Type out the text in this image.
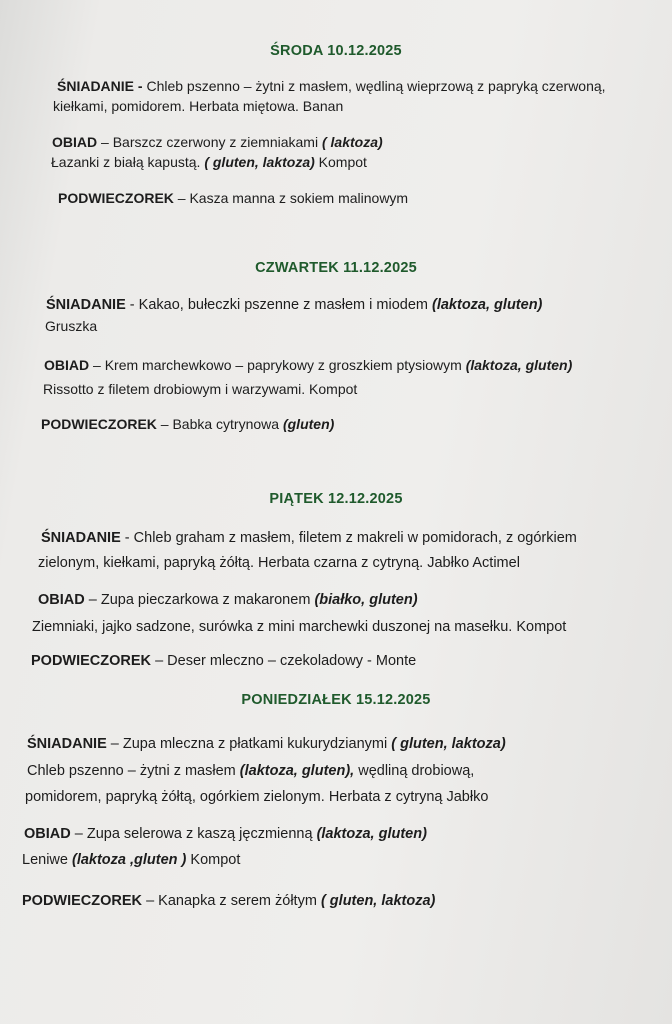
ŚRODA 10.12.2025
ŚNIADANIE - Chleb pszenno – żytni z masłem, wędliną wieprzową z papryką czerwoną,
kiełkami, pomidorem. Herbata miętowa. Banan
OBIAD – Barszcz czerwony z ziemniakami ( laktoza)
Łazanki z białą kapustą. ( gluten, laktoza) Kompot
PODWIECZOREK – Kasza manna z sokiem malinowym
CZWARTEK 11.12.2025
ŚNIADANIE - Kakao, bułeczki pszenne z masłem i miodem (laktoza, gluten)
Gruszka
OBIAD – Krem marchewkowo – paprykowy z groszkiem ptysiowym (laktoza, gluten)
Rissotto z filetem drobiowym i warzywami. Kompot
PODWIECZOREK – Babka cytrynowa (gluten)
PIĄTEK 12.12.2025
ŚNIADANIE - Chleb graham z masłem, filetem z makreli w pomidorach, z ogórkiem
zielonym, kiełkami, papryką żółtą. Herbata czarna z cytryną. Jabłko Actimel
OBIAD – Zupa pieczarkowa z makaronem (białko, gluten)
Ziemniaki, jajko sadzone, surówka z mini marchewki duszonej na masełku. Kompot
PODWIECZOREK – Deser mleczno – czekoladowy - Monte
PONIEDZIAŁEK 15.12.2025
ŚNIADANIE – Zupa mleczna z płatkami kukurydzianymi ( gluten, laktoza)
Chleb pszenno – żytni z masłem (laktoza, gluten), wędliną drobiową,
pomidorem, papryką żółtą, ogórkiem zielonym. Herbata z cytryną Jabłko
OBIAD – Zupa selerowa z kaszą jęczmienną (laktoza, gluten)
Leniwe (laktoza ,gluten ) Kompot
PODWIECZOREK – Kanapka z serem żółtym ( gluten, laktoza)
